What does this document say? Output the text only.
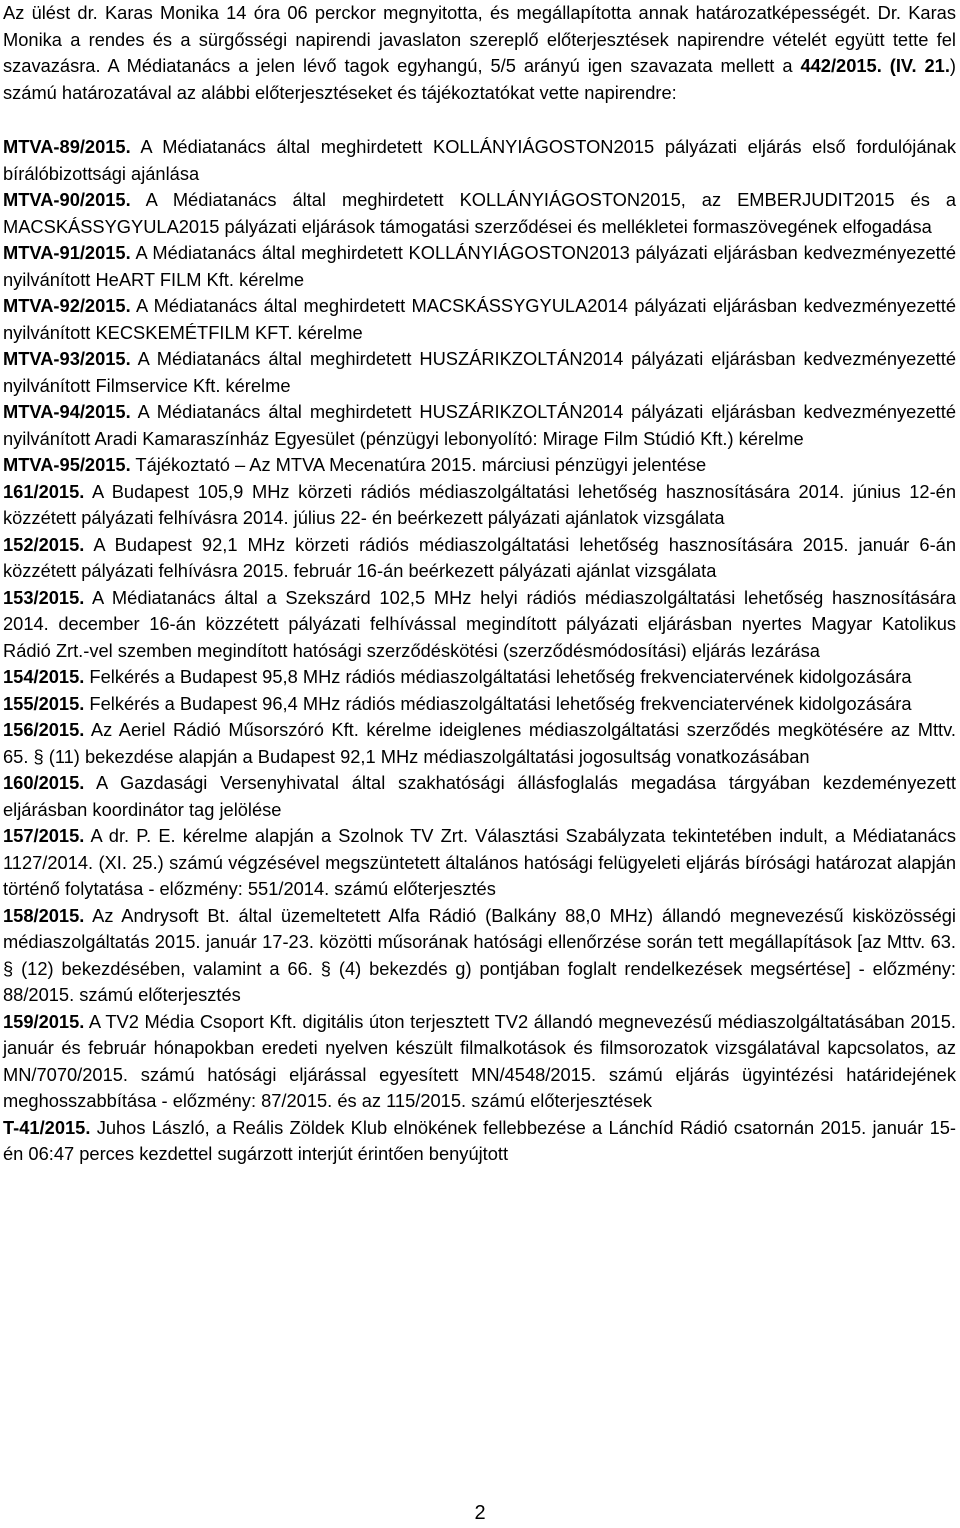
Az ülést dr. Karas Monika 14 óra 06 perckor megnyitotta, és megállapította annak határozatképességét. Dr. Karas Monika a rendes és a sürgősségi napirendi javaslaton szereplő előterjesztések napirendre vételét együtt tette fel szavazásra. A Médiatanács a jelen lévő tagok egyhangú, 5/5 arányú igen szavazata mellett a 442/2015. (IV. 21.) számú határozatával az alábbi előterjesztéseket és tájékoztatókat vette napirendre:

MTVA-89/2015. A Médiatanács által meghirdetett KOLLÁNYIÁGOSTON2015 pályázati eljárás első fordulójának bírálóbizottsági ajánlása

MTVA-90/2015. A Médiatanács által meghirdetett KOLLÁNYIÁGOSTON2015, az EMBERJUDIT2015 és a MACSKÁSSYGYULA2015 pályázati eljárások támogatási szerződései és mellékletei formaszövegének elfogadása

MTVA-91/2015. A Médiatanács által meghirdetett KOLLÁNYIÁGOSTON2013 pályázati eljárásban kedvezményezetté nyilvánított HeART FILM Kft. kérelme

MTVA-92/2015. A Médiatanács által meghirdetett MACSKÁSSYGYULA2014 pályázati eljárásban kedvezményezetté nyilvánított KECSKEMÉTFILM KFT. kérelme

MTVA-93/2015. A Médiatanács által meghirdetett HUSZÁRIKZOLTÁN2014 pályázati eljárásban kedvezményezetté nyilvánított Filmservice Kft. kérelme

MTVA-94/2015. A Médiatanács által meghirdetett HUSZÁRIKZOLTÁN2014 pályázati eljárásban kedvezményezetté nyilvánított Aradi Kamaraszínház Egyesület (pénzügyi lebonyolító: Mirage Film Stúdió Kft.) kérelme

MTVA-95/2015. Tájékoztató – Az MTVA Mecenatúra 2015. márciusi pénzügyi jelentése

161/2015. A Budapest 105,9 MHz körzeti rádiós médiaszolgáltatási lehetőség hasznosítására 2014. június 12-én közzétett pályázati felhívásra 2014. július 22- én beérkezett pályázati ajánlatok vizsgálata

152/2015. A Budapest 92,1 MHz körzeti rádiós médiaszolgáltatási lehetőség hasznosítására 2015. január 6-án közzétett pályázati felhívásra 2015. február 16-án beérkezett pályázati ajánlat vizsgálata

153/2015. A Médiatanács által a Szekszárd 102,5 MHz helyi rádiós médiaszolgáltatási lehetőség hasznosítására 2014. december 16-án közzétett pályázati felhívással megindított pályázati eljárásban nyertes Magyar Katolikus Rádió Zrt.-vel szemben megindított hatósági szerződéskötési (szerződésmódosítási) eljárás lezárása

154/2015. Felkérés a Budapest 95,8 MHz rádiós médiaszolgáltatási lehetőség frekvenciatervének kidolgozására

155/2015. Felkérés a Budapest 96,4 MHz rádiós médiaszolgáltatási lehetőség frekvenciatervének kidolgozására

156/2015. Az Aeriel Rádió Műsorszóró Kft. kérelme ideiglenes médiaszolgáltatási szerződés megkötésére az Mttv. 65. § (11) bekezdése alapján a Budapest 92,1 MHz médiaszolgáltatási jogosultság vonatkozásában

160/2015. A Gazdasági Versenyhivatal által szakhatósági állásfoglalás megadása tárgyában kezdeményezett eljárásban koordinátor tag jelölése

157/2015. A dr. P. E. kérelme alapján a Szolnok TV Zrt. Választási Szabályzata tekintetében indult, a Médiatanács 1127/2014. (XI. 25.) számú végzésével megszüntetett általános hatósági felügyeleti eljárás bírósági határozat alapján történő folytatása - előzmény: 551/2014. számú előterjesztés

158/2015. Az Andrysoft Bt. által üzemeltetett Alfa Rádió (Balkány 88,0 MHz) állandó megnevezésű kisközösségi médiaszolgáltatás 2015. január 17-23. közötti műsorának hatósági ellenőrzése során tett megállapítások [az Mttv. 63. § (12) bekezdésében, valamint a 66. § (4) bekezdés g) pontjában foglalt rendelkezések megsértése] - előzmény: 88/2015. számú előterjesztés

159/2015. A TV2 Média Csoport Kft. digitális úton terjesztett TV2 állandó megnevezésű médiaszolgáltatásában 2015. január és február hónapokban eredeti nyelven készült filmalkotások és filmsorozatok vizsgálatával kapcsolatos, az MN/7070/2015. számú hatósági eljárással egyesített MN/4548/2015. számú eljárás ügyintézési határidejének meghosszabbítása - előzmény: 87/2015. és az 115/2015. számú előterjesztések

T-41/2015. Juhos László, a Reális Zöldek Klub elnökének fellebbezése a Lánchíd Rádió csatornán 2015. január 15-én 06:47 perces kezdettel sugárzott interjút érintően benyújtott

2
